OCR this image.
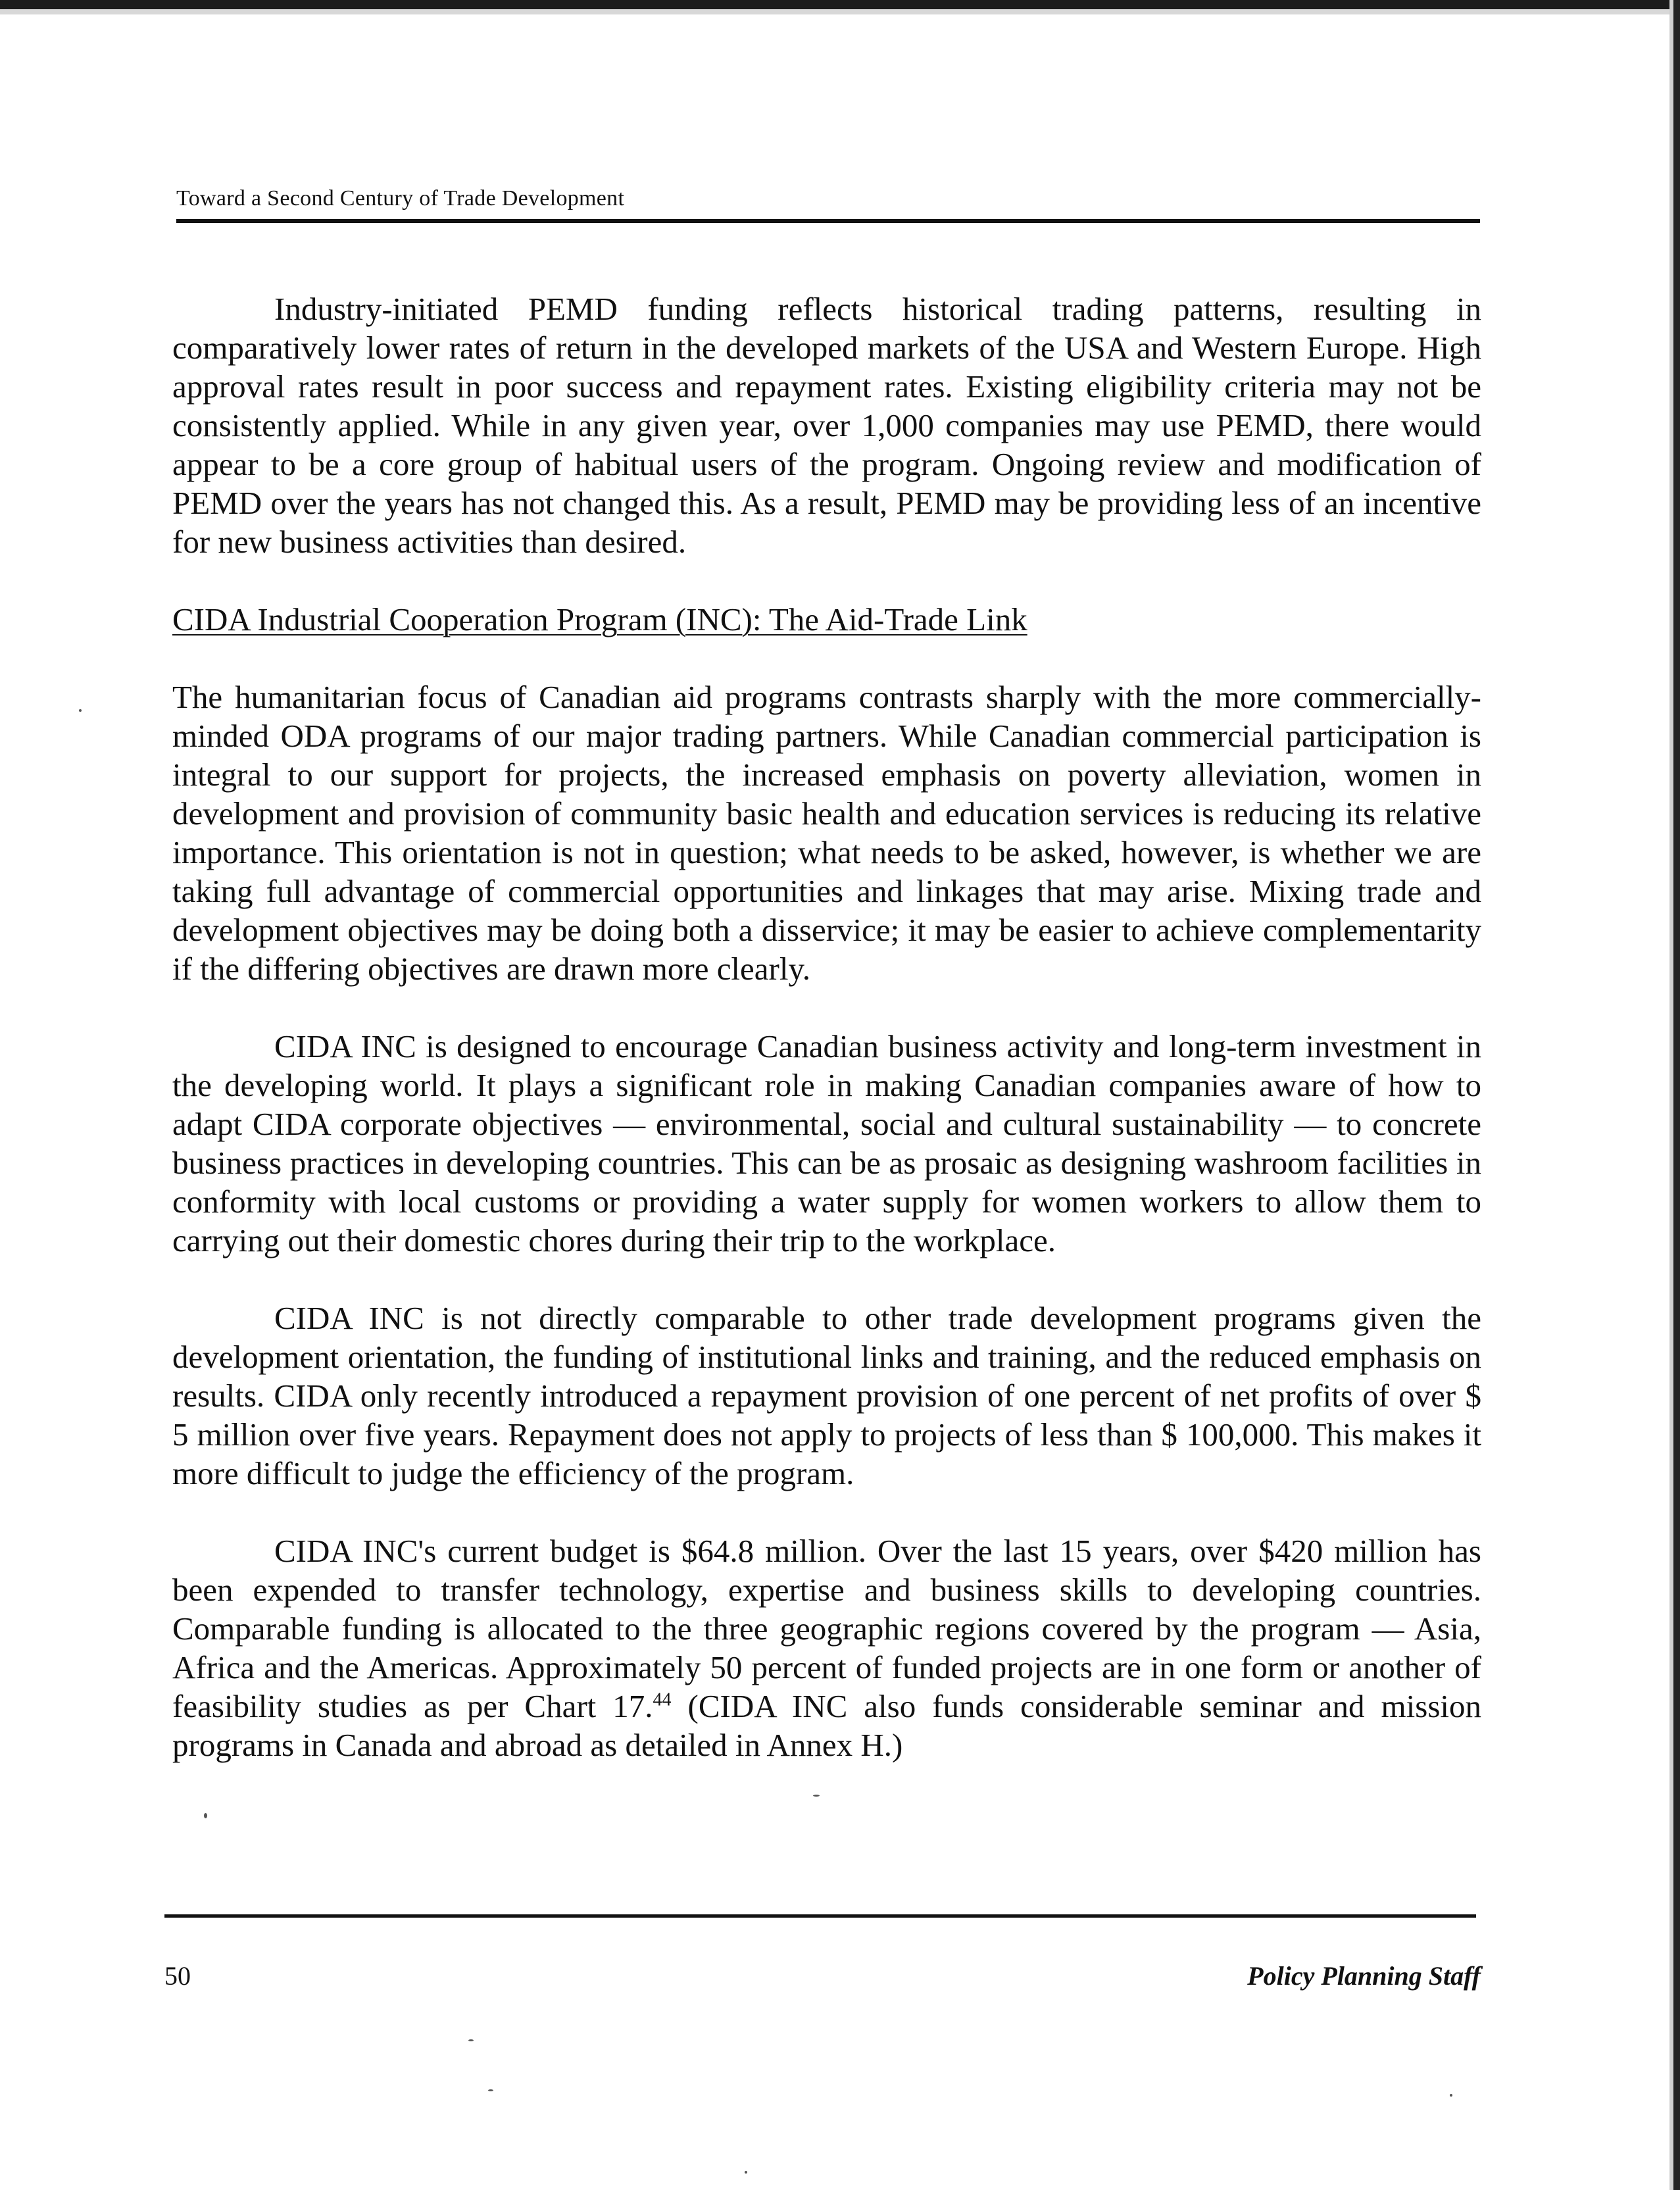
Toward a Second Century of Trade Development

Industry-initiated PEMD funding reflects historical trading patterns, resulting in comparatively lower rates of return in the developed markets of the USA and Western Europe. High approval rates result in poor success and repayment rates. Existing eligibility criteria may not be consistently applied. While in any given year, over 1,000 companies may use PEMD, there would appear to be a core group of habitual users of the program. Ongoing review and modification of PEMD over the years has not changed this. As a result, PEMD may be providing less of an incentive for new business activities than desired.

CIDA Industrial Cooperation Program (INC): The Aid-Trade Link

The humanitarian focus of Canadian aid programs contrasts sharply with the more commercially-minded ODA programs of our major trading partners. While Canadian commercial participation is integral to our support for projects, the increased emphasis on poverty alleviation, women in development and provision of community basic health and education services is reducing its relative importance. This orientation is not in question; what needs to be asked, however, is whether we are taking full advantage of commercial opportunities and linkages that may arise. Mixing trade and development objectives may be doing both a disservice; it may be easier to achieve complementarity if the differing objectives are drawn more clearly.

CIDA INC is designed to encourage Canadian business activity and long-term investment in the developing world. It plays a significant role in making Canadian companies aware of how to adapt CIDA corporate objectives — environmental, social and cultural sustainability — to concrete business practices in developing countries. This can be as prosaic as designing washroom facilities in conformity with local customs or providing a water supply for women workers to allow them to carrying out their domestic chores during their trip to the workplace.

CIDA INC is not directly comparable to other trade development programs given the development orientation, the funding of institutional links and training, and the reduced emphasis on results. CIDA only recently introduced a repayment provision of one percent of net profits of over $ 5 million over five years. Repayment does not apply to projects of less than $ 100,000. This makes it more difficult to judge the efficiency of the program.

CIDA INC's current budget is $64.8 million. Over the last 15 years, over $420 million has been expended to transfer technology, expertise and business skills to developing countries. Comparable funding is allocated to the three geographic regions covered by the program — Asia, Africa and the Americas. Approximately 50 percent of funded projects are in one form or another of feasibility studies as per Chart 17.44 (CIDA INC also funds considerable seminar and mission programs in Canada and abroad as detailed in Annex H.)

50	Policy Planning Staff
